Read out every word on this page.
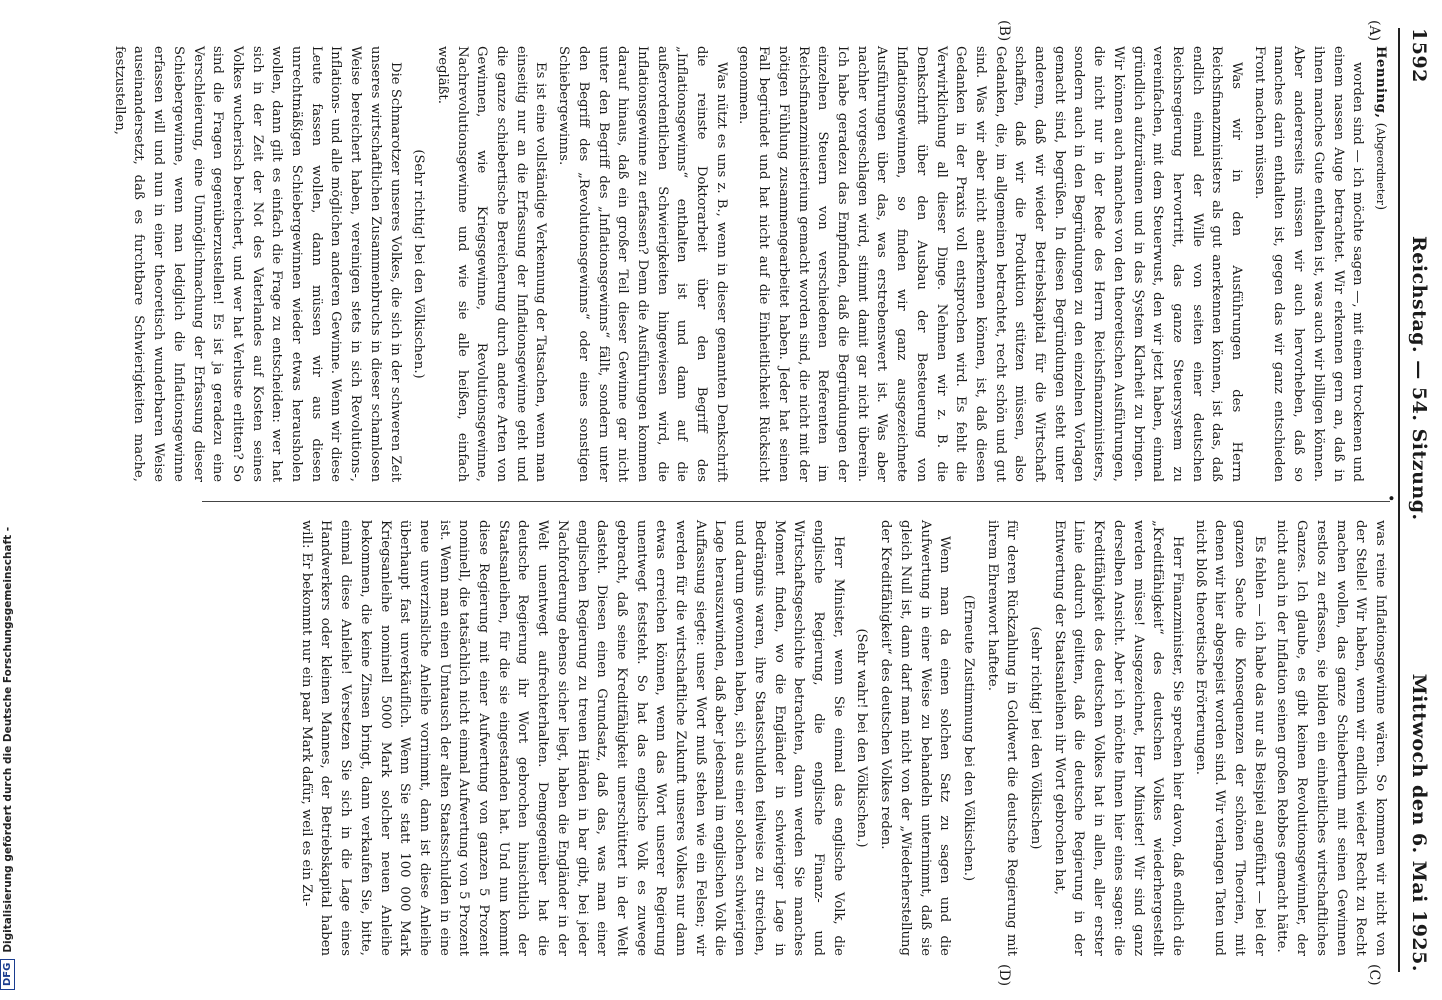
1592
Reichstag. — 54. Sitzung.
Mittwoch den 6. Mai 1925.
•
(A)
(B)
(C)
(D)

Henning, (Abgeordneter)

worden sind — ich möchte sagen —, mit einem trockenen und einem nassen Auge betrachtet. Wir erkennen gern an, daß in ihnen manches Gute enthalten ist, was auch wir billigen können. Aber andererseits müssen wir auch hervorheben, daß so manches darin enthalten ist, gegen das wir ganz entschieden Front machen müssen.

Was wir in den Ausführungen des Herrn Reichsfinanzministers als gut anerkennen können, ist das, daß endlich einmal der Wille von seiten einer deutschen Reichsregierung hervortritt, das ganze Steuersystem zu vereinfachen, mit dem Steuerwust, den wir jetzt haben, einmal gründlich aufzuräumen und in das System Klarheit zu bringen. Wir können auch manches von den theoretischen Ausführungen, die nicht nur in der Rede des Herrn Reichsfinanzministers, sondern auch in den Begründungen zu den einzelnen Vorlagen gemacht sind, begrüßen. In diesen Begründungen steht unter anderem, daß wir wieder Betriebskapital für die Wirtschaft schaffen, daß wir die Produktion stützen müssen, also Gedanken, die, im allgemeinen betrachtet, recht schön und gut sind. Was wir aber nicht anerkennen können, ist, daß diesen Gedanken in der Praxis voll entsprochen wird. Es fehlt die Verwirklichung all dieser Dinge. Nehmen wir z. B. die Denkschrift über den Ausbau der Besteuerung von Inflationsgewinnen, so finden wir ganz ausgezeichnete Ausführungen über das, was erstrebenswert ist. Was aber nachher vorgeschlagen wird, stimmt damit gar nicht überein. Ich habe geradezu das Empfinden, daß die Begründungen der einzelnen Steuern von verschiedenen Referenten im Reichsfinanzministerium gemacht worden sind, die nicht mit der nötigen Fühlung zusammengearbeitet haben. Jeder hat seinen Fall begründet und hat nicht auf die Einheitlichkeit Rücksicht genommen.

Was nützt es uns z. B., wenn in dieser genannten Denkschrift die reinste Doktorarbeit über den Begriff des „Inflationsgewinns“ enthalten ist und dann auf die außerordentlichen Schwierigkeiten hingewiesen wird, die Inflationsgewinne zu erfassen? Denn die Ausführungen kommen darauf hinaus, daß ein großer Teil dieser Gewinne gar nicht unter den Begriff des „Inflationsgewinns“ fällt, sondern unter den Begriff des „Revolutionsgewinns“ oder eines sonstigen Schiebergewinns.

Es ist eine vollständige Verkennung der Tatsachen, wenn man einseitig nur an die Erfassung der Inflationsgewinne geht und die ganze schiebertische Bereicherung durch andere Arten von Gewinnen, wie Kriegsgewinne, Revolutionsgewinne, Nachrevolutionsgewinne und wie sie alle heißen, einfach wegläßt.

(Sehr richtig! bei den Völkischen.)

Die Schmarotzer unseres Volkes, die sich in der schweren Zeit unseres wirtschaftlichen Zusammenbruchs in dieser schamlosen Weise bereichert haben, vereinigen stets in sich Revolutions-, Inflations- und alle möglichen anderen Gewinne. Wenn wir diese Leute fassen wollen, dann müssen wir aus diesen unrechtmäßigen Schiebergewinnen wieder etwas herausholen wollen, dann gilt es einfach die Frage zu entscheiden: wer hat sich in der Zeit der Not des Vaterlandes auf Kosten seines Volkes wucherisch bereichert, und wer hat Verluste erlitten? So sind die Fragen gegenüberzustellen! Es ist ja geradezu eine Verschleierung, eine Unmöglichmachung der Erfassung dieser Schiebergewinne, wenn man lediglich die Inflationsgewinne erfassen will und nun in einer theoretisch wunderbaren Weise auseinandersetzt, daß es furchtbare Schwierigkeiten mache, festzustellen,

was reine Inflationsgewinne wären. So kommen wir nicht von der Stelle! Wir haben, wenn wir endlich wieder Recht zu Recht machen wollen, das ganze Schiebertum mit seinen Gewinnen restlos zu erfassen, sie bilden ein einheitliches wirtschaftliches Ganzes. Ich glaube, es gibt keinen Revolutionsgewinnler, der nicht auch in der Inflation seinen großen Rebbes gemacht hätte.

Es fehlen — ich habe das nur als Beispiel angeführt — bei der ganzen Sache die Konsequenzen der schönen Theorien, mit denen wir hier abgespeist worden sind. Wir verlangen Taten und nicht bloß theoretische Erörterungen.

Herr Finanzminister, Sie sprechen hier davon, daß endlich die „Kreditfähigkeit“ des deutschen Volkes wiederhergestellt werden müsse! Ausgezeichnet, Herr Minister! Wir sind ganz derselben Ansicht. Aber ich möchte Ihnen hier eines sagen: die Kreditfähigkeit des deutschen Volkes hat in allen, aller erster Linie dadurch gelitten, daß die deutsche Regierung in der Entwertung der Staatsanleihen ihr Wort gebrochen hat,

(sehr richtig! bei den Völkischen)

für deren Rückzahlung in Goldwert die deutsche Regierung mit ihrem Ehrenwort haftete.

(Erneute Zustimmung bei den Völkischen.)

Wenn man da einen solchen Satz zu sagen und die Aufwertung in einer Weise zu behandeln unternimmt, daß sie gleich Null ist, dann darf man nicht von der „Wiederherstellung der Kreditfähigkeit“ des deutschen Volkes reden.

(Sehr wahr! bei den Völkischen.)

Herr Minister, wenn Sie einmal das englische Volk, die englische Regierung, die englische Finanz- und Wirtschaftsgeschichte betrachten, dann werden Sie manches Moment finden, wo die Engländer in schwieriger Lage in Bedrängnis waren, ihre Staatsschulden teilweise zu streichen, und darum gewonnen haben, sich aus einer solchen schwierigen Lage herauszuwinden, daß aber jedesmal im englischen Volk die Auffassung siegte: unser Wort muß stehen wie ein Felsen; wir werden für die wirtschaftliche Zukunft unseres Volkes nur dann etwas erreichen können, wenn das Wort unserer Regierung unentwegt feststeht. So hat das englische Volk es zuwege gebracht, daß seine Kreditfähigkeit unerschüttert in der Welt dasteht. Diesen einen Grundsatz, daß das, was man einer englischen Regierung zu treuen Händen in bar gibt, bei jeder Nachforderung ebenso sicher liegt, haben die Engländer in der Welt unentwegt aufrechterhalten. Demgegenüber hat die deutsche Regierung ihr Wort gebrochen hinsichtlich der Staatsanleihen, für die sie eingestanden hat. Und nun kommt diese Regierung mit einer Aufwertung von ganzen 5 Prozent nominell, die tatsächlich nicht einmal Aufwertung von 5 Prozent ist. Wenn man einen Umtausch der alten Staatsschulden in eine neue unverzinsliche Anleihe vornimmt, dann ist diese Anleihe überhaupt fast unverkäuflich. Wenn Sie statt 100 000 Mark Kriegsanleihe nominell 5000 Mark solcher neuen Anleihe bekommen, die keine Zinsen bringt, dann verkaufen Sie, bitte, einmal diese Anleihe! Versetzen Sie sich in die Lage eines Handwerkers oder kleinen Mannes, der Betriebskapital haben will: Er bekommt nur ein paar Mark dafür, weil es ein Zu-

DFG
Digitalisierung gefördert durch die Deutsche Forschungsgemeinschaft -
